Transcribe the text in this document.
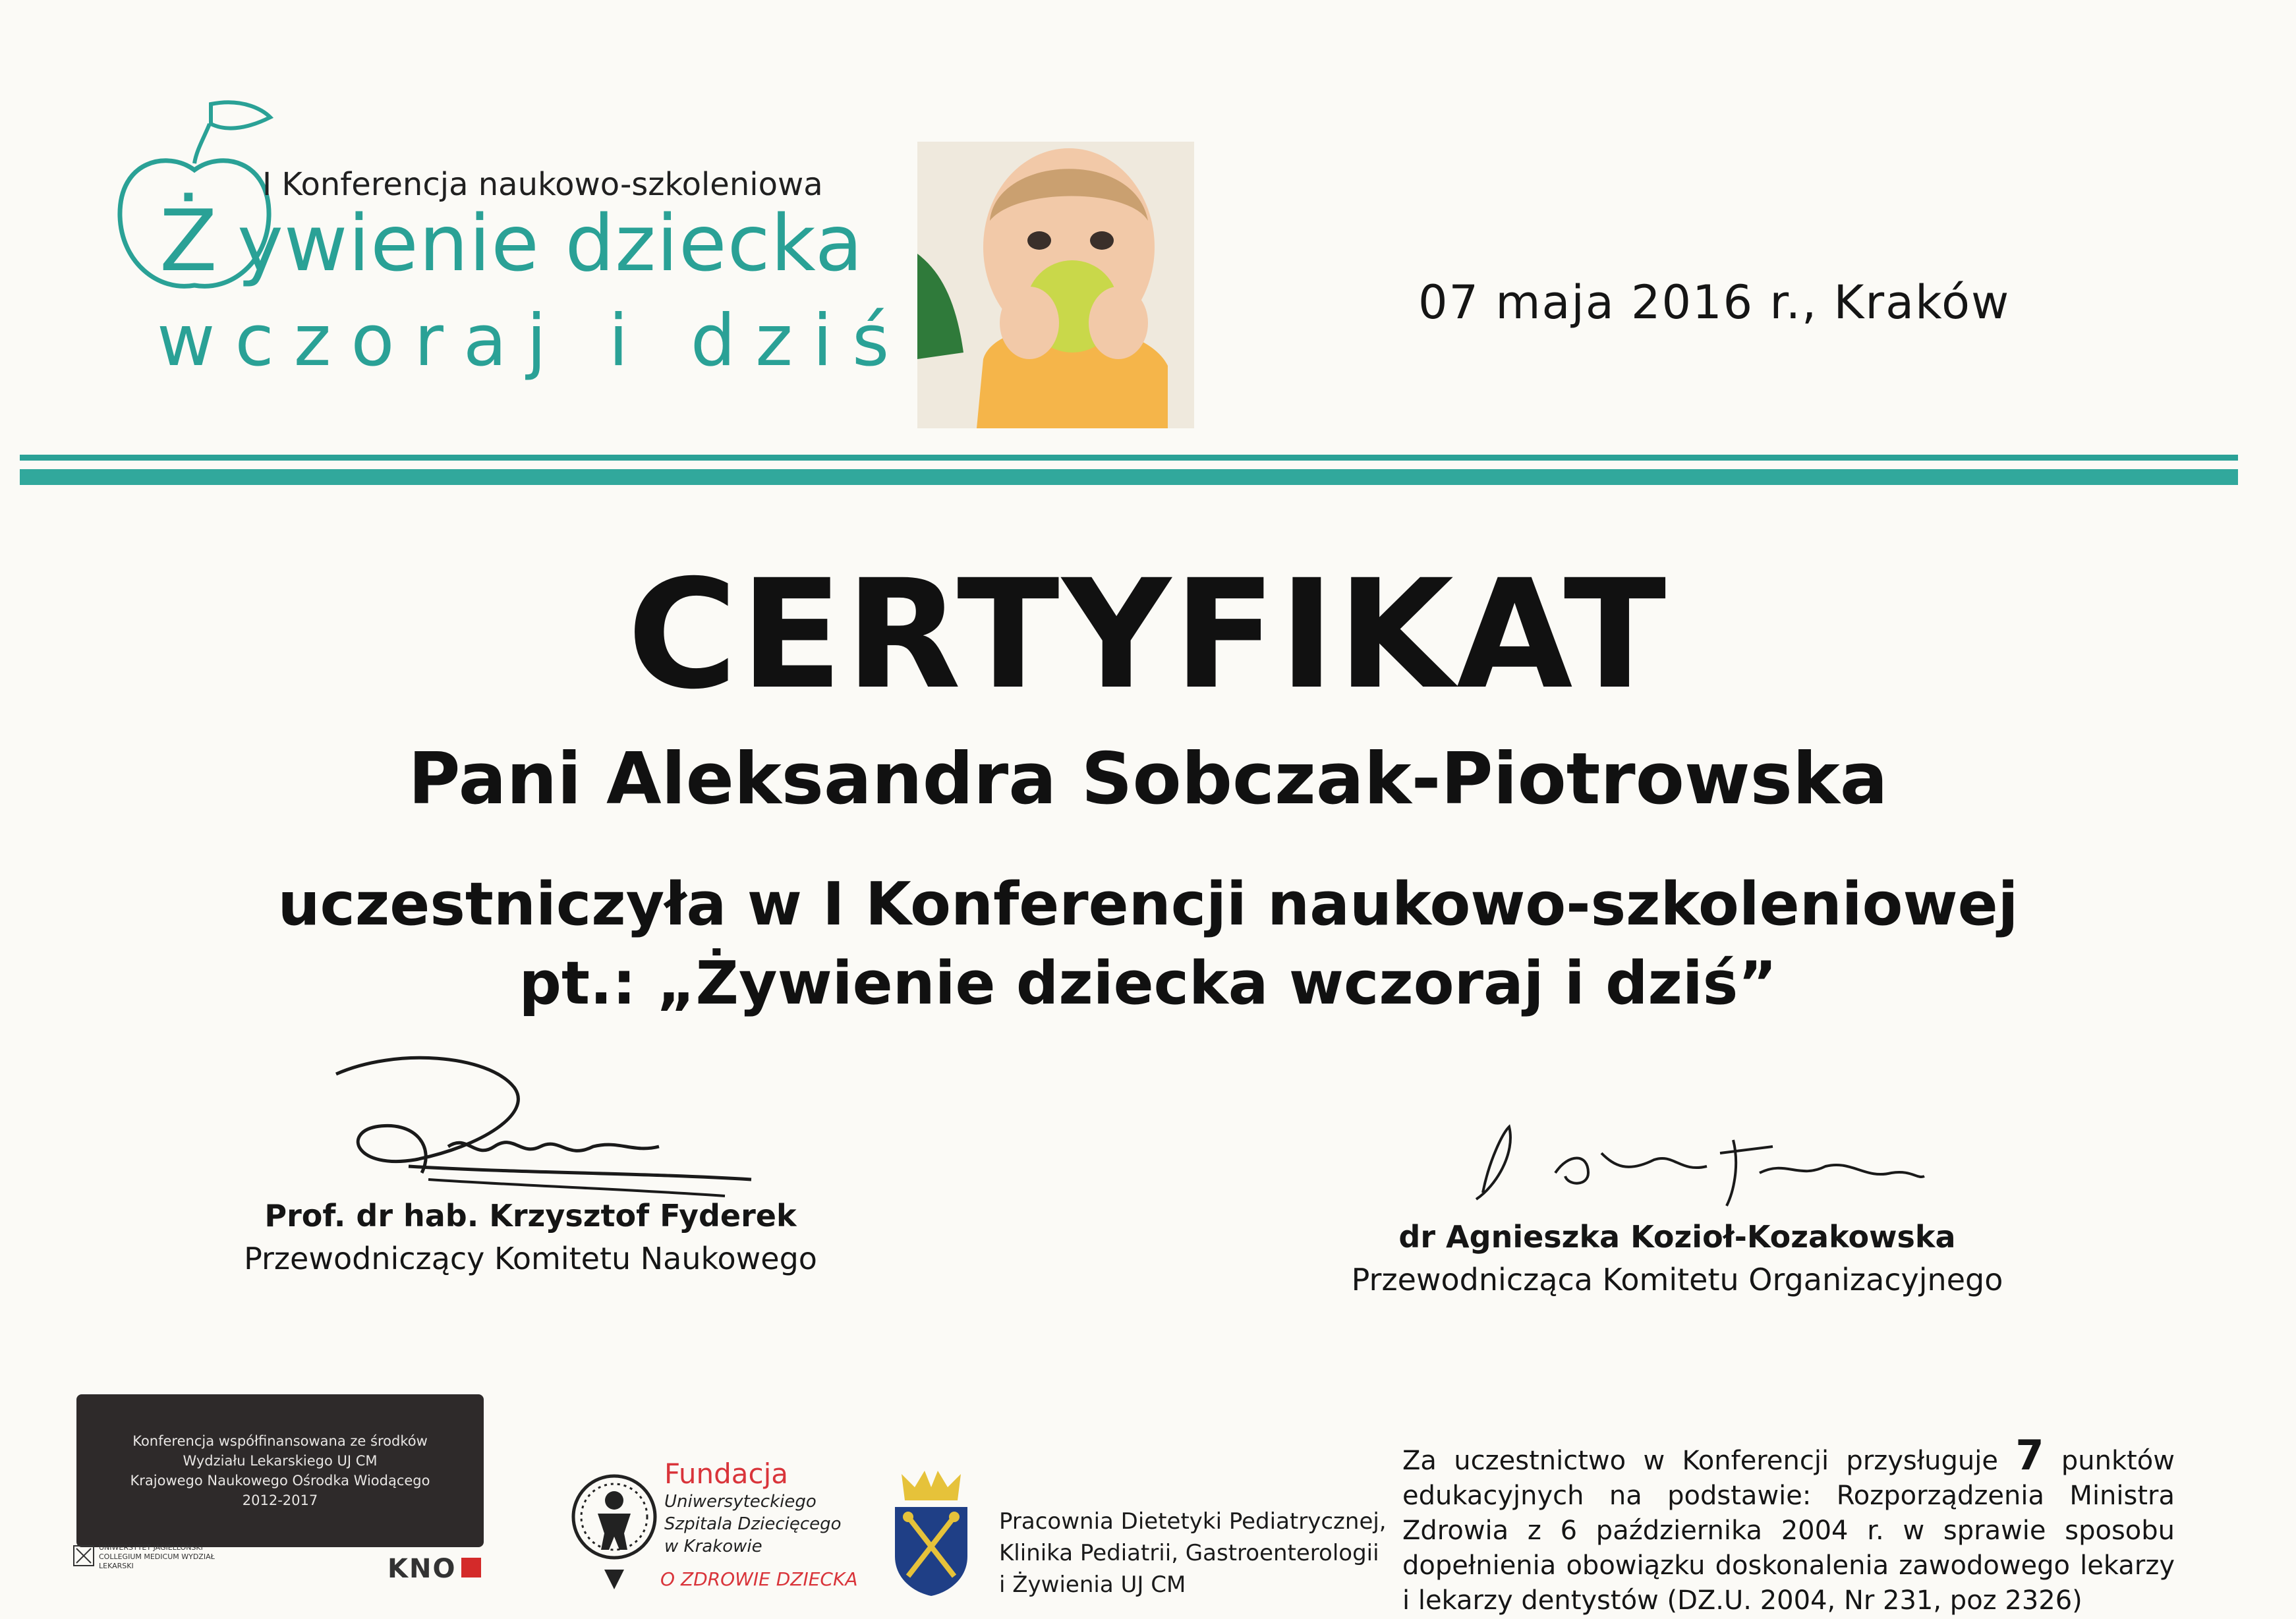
I Konferencja naukowo-szkoleniowa
Ż ywienie dziecka
wczoraj i dziś	07 maja 2016 r., Kraków
CERTYFIKAT
Pani Aleksandra Sobczak-Piotrowska
uczestniczyła w I Konferencji naukowo-szkoleniowej
pt.: „Żywienie dziecka wczoraj i dziś”
Prof. dr hab. Krzysztof Fyderek
Przewodniczący Komitetu Naukowego
dr Agnieszka Kozioł-Kozakowska
Przewodnicząca Komitetu Organizacyjnego
Konferencja współfinansowana ze środków
Wydziału Lekarskiego UJ CM
Krajowego Naukowego Ośrodka Wiodącego
2012-2017
UNIWERSYTET JAGIELLOŃSKI COLLEGIUM MEDICUM WYDZIAŁ LEKARSKI	KNO
Fundacja
Uniwersyteckiego
Szpitala Dziecięcego
w Krakowie
O ZDROWIE DZIECKA
Pracownia Dietetyki Pediatrycznej,
Klinika Pediatrii, Gastroenterologii
i Żywienia UJ CM
Za uczestnictwo w Konferencji przysługuje 7 punktów edukacyjnych na podstawie: Rozporządzenia Ministra Zdrowia z 6 października 2004 r. w sprawie sposobu dopełnienia obowiązku doskonalenia zawodowego lekarzy i lekarzy dentystów (DZ.U. 2004, Nr 231, poz 2326)
